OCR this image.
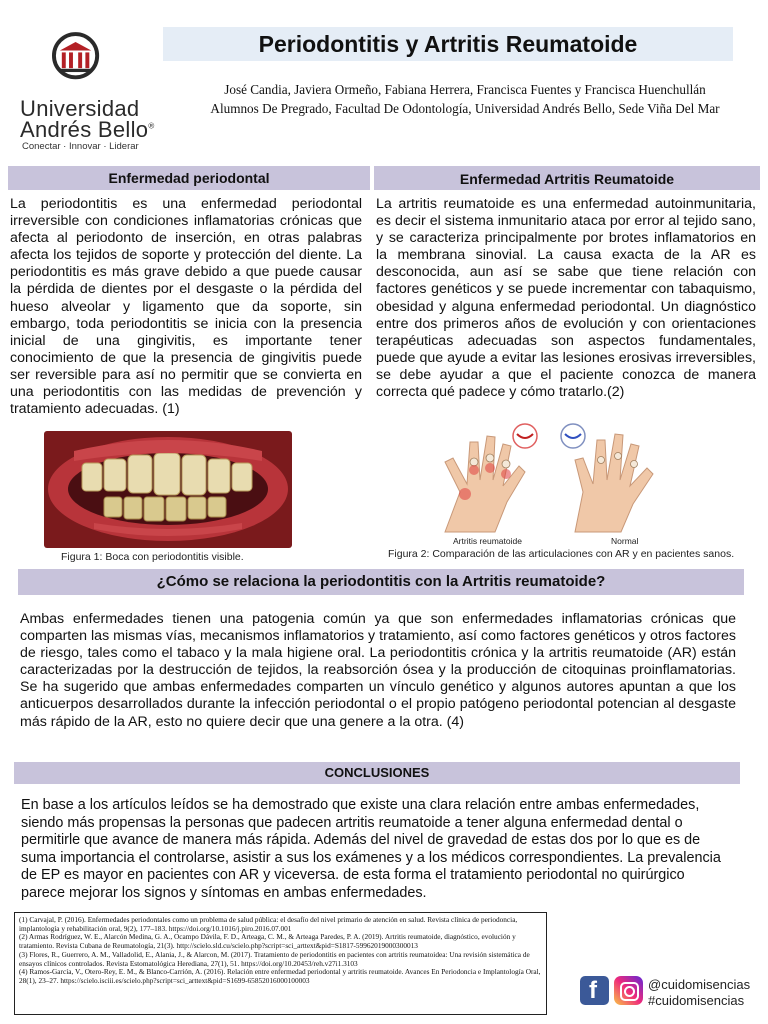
Universidad
Andrés Bello®
Conectar · Innovar · Liderar
Periodontitis y Artritis Reumatoide
José Candia, Javiera Ormeño, Fabiana Herrera, Francisca Fuentes y Francisca Huenchullán
Alumnos De Pregrado, Facultad De Odontología, Universidad Andrés Bello, Sede Viña Del Mar
Enfermedad periodontal
La periodontitis es una enfermedad periodontal irreversible con condiciones inflamatorias crónicas que afecta al periodonto de inserción, en otras palabras afecta los tejidos de soporte y protección del diente. La periodontitis es más grave debido a que puede causar la pérdida de dientes por el desgaste o la pérdida del hueso alveolar y ligamento que da soporte, sin embargo, toda periodontitis se inicia con la presencia inicial de una gingivitis, es importante tener conocimiento de que la presencia de gingivitis puede ser reversible para así no permitir que se convierta en una periodontitis con las medidas de prevención y tratamiento adecuadas. (1)
Enfermedad Artritis Reumatoide
La artritis reumatoide es una enfermedad autoinmunitaria, es decir el sistema inmunitario ataca por error al tejido sano, y se caracteriza principalmente por brotes inflamatorios en la membrana sinovial. La causa exacta de la AR es desconocida, aun así se sabe que tiene relación con factores genéticos y se puede incrementar con tabaquismo, obesidad y alguna enfermedad periodontal. Un diagnóstico entre dos primeros años de evolución y con orientaciones terapéuticas adecuadas son aspectos fundamentales, puede que ayude a evitar las lesiones erosivas irreversibles, se debe ayudar a que el paciente conozca de manera correcta qué padece y cómo tratarlo.(2)
Figura 1: Boca con periodontitis visible.
Artritis reumatoide	Normal
Figura 2: Comparación de las articulaciones con AR y en pacientes sanos.
¿Cómo se relaciona la periodontitis con la Artritis reumatoide?
Ambas enfermedades tienen una patogenia común ya que son enfermedades inflamatorias crónicas que comparten las mismas vías, mecanismos inflamatorios y tratamiento, así como factores genéticos y otros factores de riesgo, tales como el tabaco y la mala higiene oral. La periodontitis crónica y la artritis reumatoide (AR) están caracterizadas por la destrucción de tejidos, la reabsorción ósea y la producción de citoquinas proinflamatorias. Se ha sugerido que ambas enfermedades comparten un vínculo genético y algunos autores apuntan a que los anticuerpos desarrollados durante la infección periodontal o el propio patógeno periodontal potencian al desgaste más rápido de la AR, esto no quiere decir que una genere a la otra. (4)
CONCLUSIONES
En base a los artículos leídos se ha demostrado que existe una clara relación entre ambas enfermedades, siendo más propensas la personas que padecen artritis reumatoide a tener alguna enfermedad dental o permitirle que avance de manera más rápida. Además del nivel de gravedad de estas dos por lo que es de suma importancia el controlarse, asistir a sus los exámenes y a los médicos correspondientes. La prevalencia de EP es mayor en pacientes con AR y viceversa. de esta forma el tratamiento periodontal no quirúrgico parece mejorar los signos y síntomas en ambas enfermedades.
(1) Carvajal, P. (2016). Enfermedades periodontales como un problema de salud pública: el desafío del nivel primario de atención en salud. Revista clínica de periodoncia, implantología y rehabilitación oral, 9(2), 177–183. https://doi.org/10.1016/j.piro.2016.07.001
(2) Armas Rodríguez, W. E., Alarcón Medina, G. A., Ocampo Dávila, F. D., Arteaga, C. M., & Arteaga Paredes, P. A. (2019). Artritis reumatoide, diagnóstico, evolución y tratamiento. Revista Cubana de Reumatología, 21(3). http://scielo.sld.cu/scielo.php?script=sci_arttext&pid=S1817-59962019000300013
(3) Flores, R., Guerrero, A. M., Valladolid, E., Alania, J., & Alarcon, M. (2017). Tratamiento de periodontitis en pacientes con artritis reumatoidea: Una revisión sistemática de ensayos clínicos controlados. Revista Estomatológica Herediana, 27(1), 51. https://doi.org/10.20453/reh.v27i1.3103
(4) Ramos-García, V., Otero-Rey, E. M., & Blanco-Carrión, A. (2016). Relación entre enfermedad periodontal y artritis reumatoide. Avances En Periodoncia e Implantología Oral, 28(1), 23–27. https://scielo.isciii.es/scielo.php?script=sci_arttext&pid=S1699-65852016000100003	f	@cuidomisencias
#cuidomisencias
